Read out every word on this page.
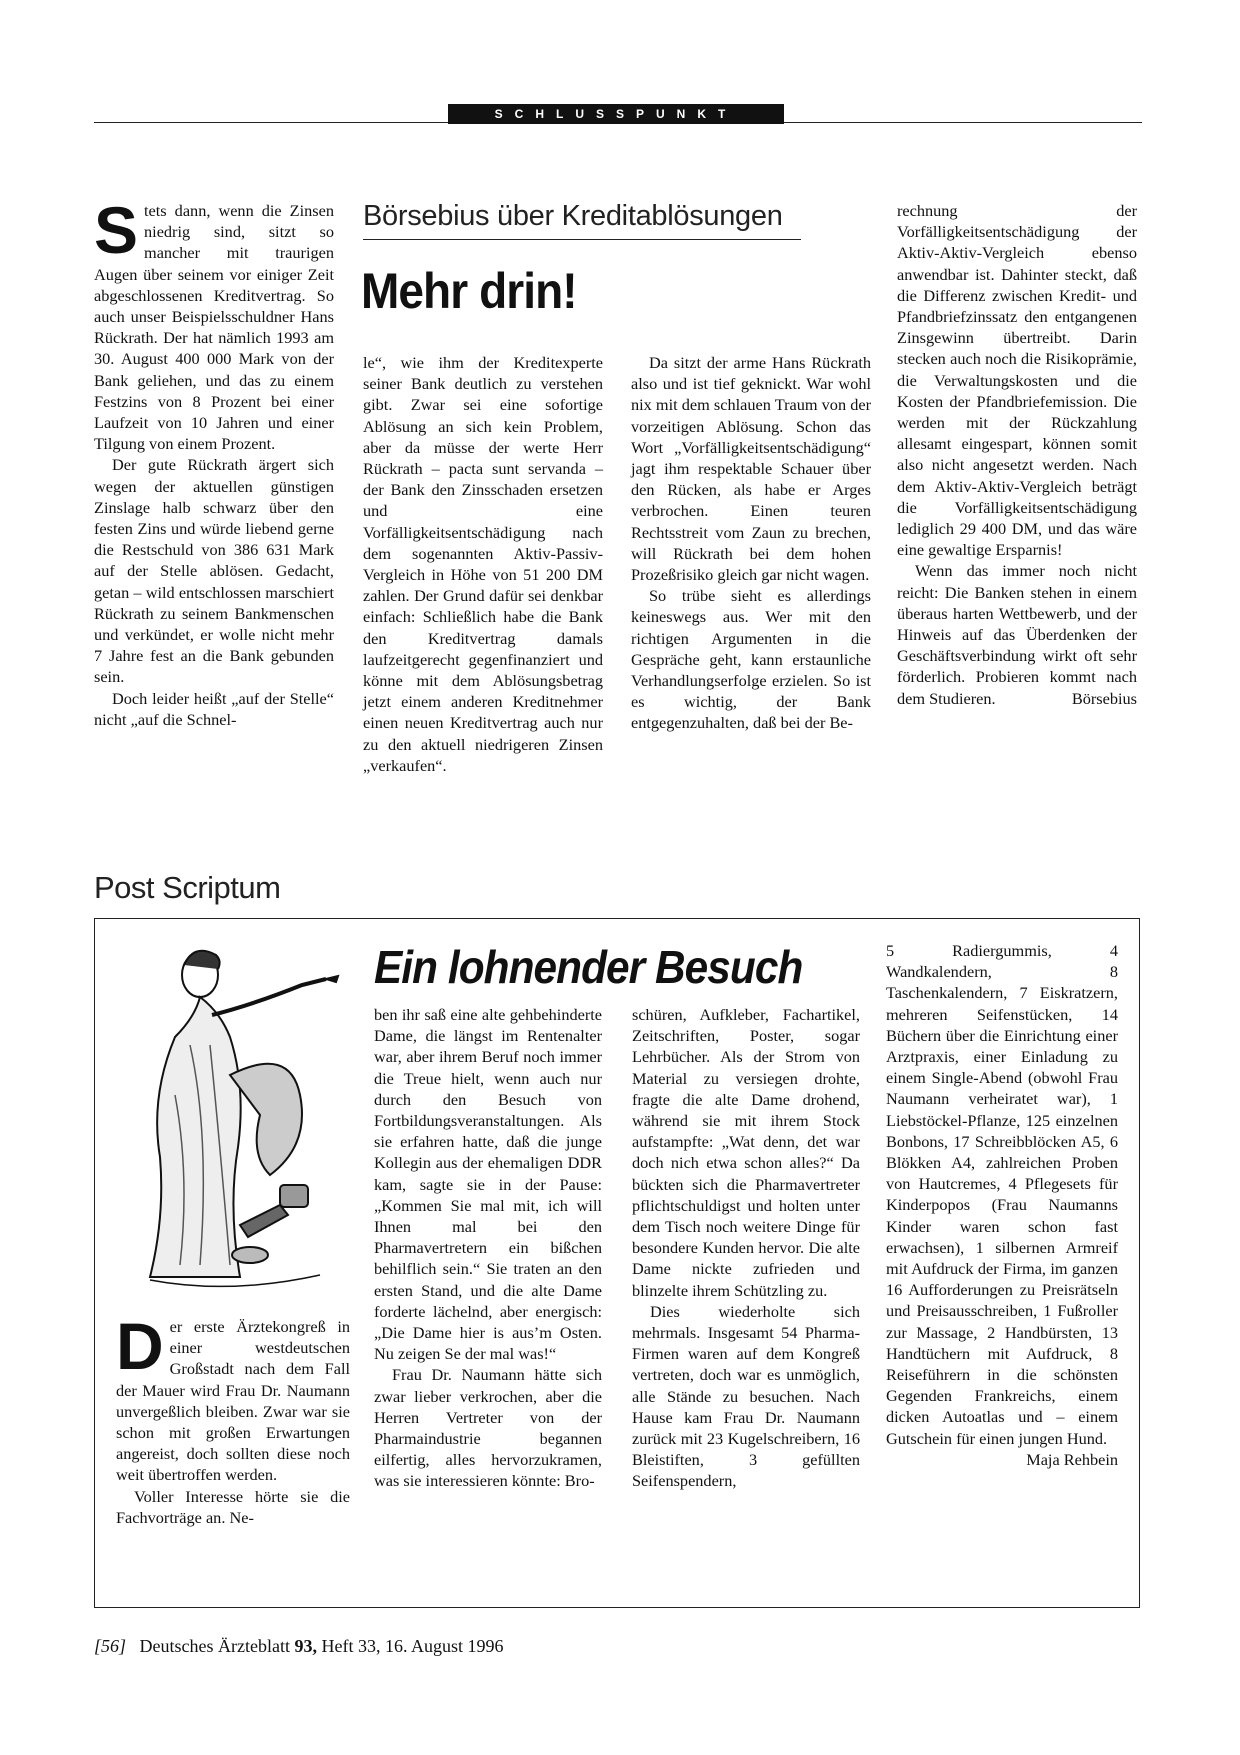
SCHLUSSPUNKT
Börsebius über Kreditablösungen
Mehr drin!

Stets dann, wenn die Zinsen niedrig sind, sitzt so mancher mit traurigen Augen über seinem vor einiger Zeit abgeschlossenen Kreditvertrag. So auch unser Beispielsschuldner Hans Rückrath. Der hat nämlich 1993 am 30. August 400 000 Mark von der Bank geliehen, und das zu einem Festzins von 8 Prozent bei einer Laufzeit von 10 Jahren und einer Tilgung von einem Prozent.

Der gute Rückrath ärgert sich wegen der aktuellen günstigen Zinslage halb schwarz über den festen Zins und würde liebend gerne die Restschuld von 386 631 Mark auf der Stelle ablösen. Gedacht, getan – wild entschlossen marschiert Rückrath zu seinem Bankmenschen und verkündet, er wolle nicht mehr 7 Jahre fest an die Bank gebunden sein.

Doch leider heißt „auf der Stelle“ nicht „auf die Schnel-

le“, wie ihm der Kreditexperte seiner Bank deutlich zu verstehen gibt. Zwar sei eine sofortige Ablösung an sich kein Problem, aber da müsse der werte Herr Rückrath – pacta sunt servanda – der Bank den Zinsschaden ersetzen und eine Vorfälligkeitsentschädigung nach dem sogenannten Aktiv-Passiv-Vergleich in Höhe von 51 200 DM zahlen. Der Grund dafür sei denkbar einfach: Schließlich habe die Bank den Kreditvertrag damals laufzeitgerecht gegenfinanziert und könne mit dem Ablösungsbetrag jetzt einem anderen Kreditnehmer einen neuen Kreditvertrag auch nur zu den aktuell niedrigeren Zinsen „verkaufen“.

Da sitzt der arme Hans Rückrath also und ist tief geknickt. War wohl nix mit dem schlauen Traum von der vorzeitigen Ablösung. Schon das Wort „Vorfälligkeitsentschädigung“ jagt ihm respektable Schauer über den Rücken, als habe er Arges verbrochen. Einen teuren Rechtsstreit vom Zaun zu brechen, will Rückrath bei dem hohen Prozeßrisiko gleich gar nicht wagen.

So trübe sieht es allerdings keineswegs aus. Wer mit den richtigen Argumenten in die Gespräche geht, kann erstaunliche Verhandlungserfolge erzielen. So ist es wichtig, der Bank entgegenzuhalten, daß bei der Be-

rechnung der Vorfälligkeitsentschädigung der Aktiv-Aktiv-Vergleich ebenso anwendbar ist. Dahinter steckt, daß die Differenz zwischen Kredit- und Pfandbriefzinssatz den entgangenen Zinsgewinn übertreibt. Darin stecken auch noch die Risikoprämie, die Verwaltungskosten und die Kosten der Pfandbriefemission. Die werden mit der Rückzahlung allesamt eingespart, können somit also nicht angesetzt werden. Nach dem Aktiv-Aktiv-Vergleich beträgt die Vorfälligkeitsentschädigung lediglich 29 400 DM, und das wäre eine gewaltige Ersparnis!

Wenn das immer noch nicht reicht: Die Banken stehen in einem überaus harten Wettbewerb, und der Hinweis auf das Überdenken der Geschäftsverbindung wirkt oft sehr förderlich. Probieren kommt nach dem Studieren.	Börsebius

Post Scriptum
Ein lohnender Besuch

Der erste Ärztekongreß in einer westdeutschen Großstadt nach dem Fall der Mauer wird Frau Dr. Naumann unvergeßlich bleiben. Zwar war sie schon mit großen Erwartungen angereist, doch sollten diese noch weit übertroffen werden.

Voller Interesse hörte sie die Fachvorträge an. Ne-

ben ihr saß eine alte gehbehinderte Dame, die längst im Rentenalter war, aber ihrem Beruf noch immer die Treue hielt, wenn auch nur durch den Besuch von Fortbildungsveranstaltungen. Als sie erfahren hatte, daß die junge Kollegin aus der ehemaligen DDR kam, sagte sie in der Pause: „Kommen Sie mal mit, ich will Ihnen mal bei den Pharmavertretern ein bißchen behilflich sein.“ Sie traten an den ersten Stand, und die alte Dame forderte lächelnd, aber energisch: „Die Dame hier is aus’m Osten. Nu zeigen Se der mal was!“

Frau Dr. Naumann hätte sich zwar lieber verkrochen, aber die Herren Vertreter von der Pharmaindustrie begannen eilfertig, alles hervorzukramen, was sie interessieren könnte: Bro-

schüren, Aufkleber, Fachartikel, Zeitschriften, Poster, sogar Lehrbücher. Als der Strom von Material zu versiegen drohte, fragte die alte Dame drohend, während sie mit ihrem Stock aufstampfte: „Wat denn, det war doch nich etwa schon alles?“ Da bückten sich die Pharmavertreter pflichtschuldigst und holten unter dem Tisch noch weitere Dinge für besondere Kunden hervor. Die alte Dame nickte zufrieden und blinzelte ihrem Schützling zu.

Dies wiederholte sich mehrmals. Insgesamt 54 Pharma-Firmen waren auf dem Kongreß vertreten, doch war es unmöglich, alle Stände zu besuchen. Nach Hause kam Frau Dr. Naumann zurück mit 23 Kugelschreibern, 16 Bleistiften, 3 gefüllten Seifenspendern,

5 Radiergummis, 4 Wandkalendern, 8 Taschenkalendern, 7 Eiskratzern, mehreren Seifenstücken, 14 Büchern über die Einrichtung einer Arztpraxis, einer Einladung zu einem Single-Abend (obwohl Frau Naumann verheiratet war), 1 Liebstöckel-Pflanze, 125 einzelnen Bonbons, 17 Schreibblöcken A5, 6 Blökken A4, zahlreichen Proben von Hautcremes, 4 Pflegesets für Kinderpopos (Frau Naumanns Kinder waren schon fast erwachsen), 1 silbernen Armreif mit Aufdruck der Firma, im ganzen 16 Aufforderungen zu Preisrätseln und Preisausschreiben, 1 Fußroller zur Massage, 2 Handbürsten, 13 Handtüchern mit Aufdruck, 8 Reiseführern in die schönsten Gegenden Frankreichs, einem dicken Autoatlas und – einem Gutschein für einen jungen Hund.
Maja Rehbein

[56] Deutsches Ärzteblatt 93, Heft 33, 16. August 1996
